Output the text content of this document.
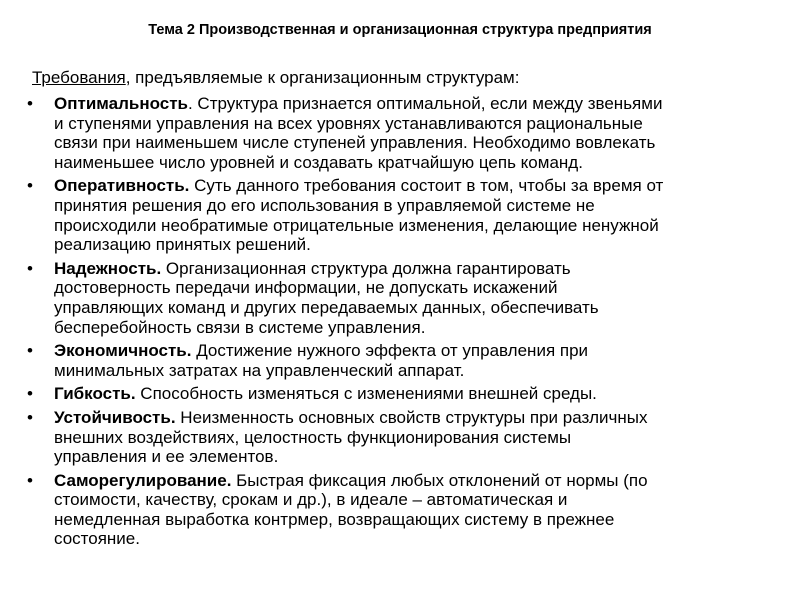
Тема 2 Производственная и организационная структура предприятия
Требования, предъявляемые к организационным структурам:
• Оптимальность. Структура признается оптимальной, если между звеньями
и ступенями управления на всех уровнях устанавливаются рациональные
связи при наименьшем числе ступеней управления. Необходимо вовлекать
наименьшее число уровней и создавать кратчайшую цепь команд.
• Оперативность. Суть данного требования состоит в том, чтобы за время от
принятия решения до его использования в управляемой системе не
происходили необратимые отрицательные изменения, делающие ненужной
реализацию принятых решений.
• Надежность. Организационная структура должна гарантировать
достоверность передачи информации, не допускать искажений
управляющих команд и других передаваемых данных, обеспечивать
бесперебойность связи в системе управления.
• Экономичность. Достижение нужного эффекта от управления при
минимальных затратах на управленческий аппарат.
• Гибкость. Способность изменяться с изменениями внешней среды.
• Устойчивость. Неизменность основных свойств структуры при различных
внешних воздействиях, целостность функционирования системы
управления и ее элементов.
• Саморегулирование. Быстрая фиксация любых отклонений от нормы (по
стоимости, качеству, срокам и др.), в идеале – автоматическая и
немедленная выработка контрмер, возвращающих систему в прежнее
состояние.
